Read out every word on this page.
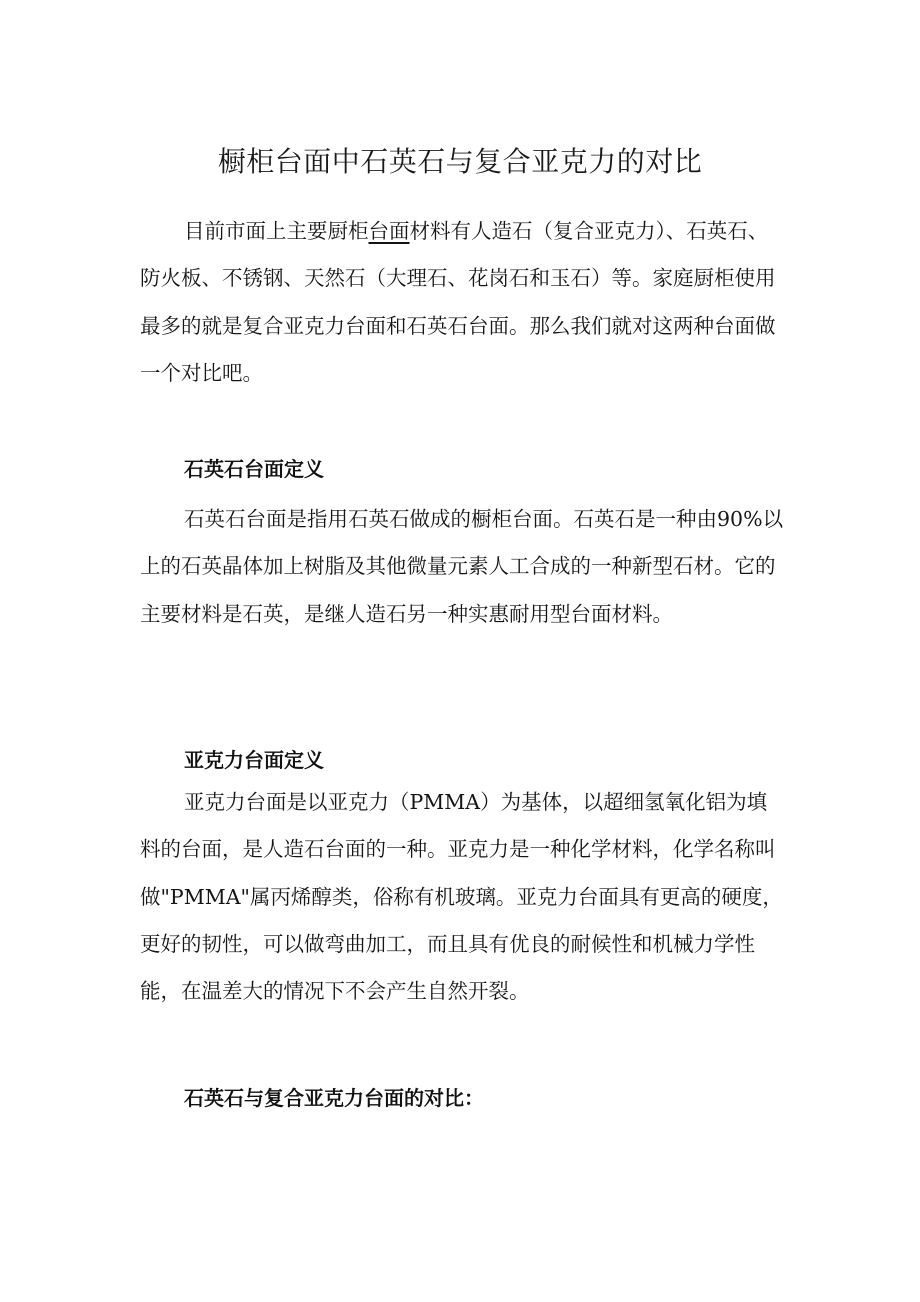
橱柜台面中石英石与复合亚克力的对比

目前市面上主要厨柜台面材料有人造石（复合亚克力）、石英石、防火板、不锈钢、天然石（大理石、花岗石和玉石）等。家庭厨柜使用最多的就是复合亚克力台面和石英石台面。那么我们就对这两种台面做一个对比吧。

石英石台面定义

石英石台面是指用石英石做成的橱柜台面。石英石是一种由90%以上的石英晶体加上树脂及其他微量元素人工合成的一种新型石材。它的主要材料是石英，是继人造石另一种实惠耐用型台面材料。

亚克力台面定义

亚克力台面是以亚克力（PMMA）为基体，以超细氢氧化铝为填料的台面，是人造石台面的一种。亚克力是一种化学材料，化学名称叫做"PMMA"属丙烯醇类，俗称有机玻璃。亚克力台面具有更高的硬度，更好的韧性，可以做弯曲加工，而且具有优良的耐候性和机械力学性能，在温差大的情况下不会产生自然开裂。

石英石与复合亚克力台面的对比：
